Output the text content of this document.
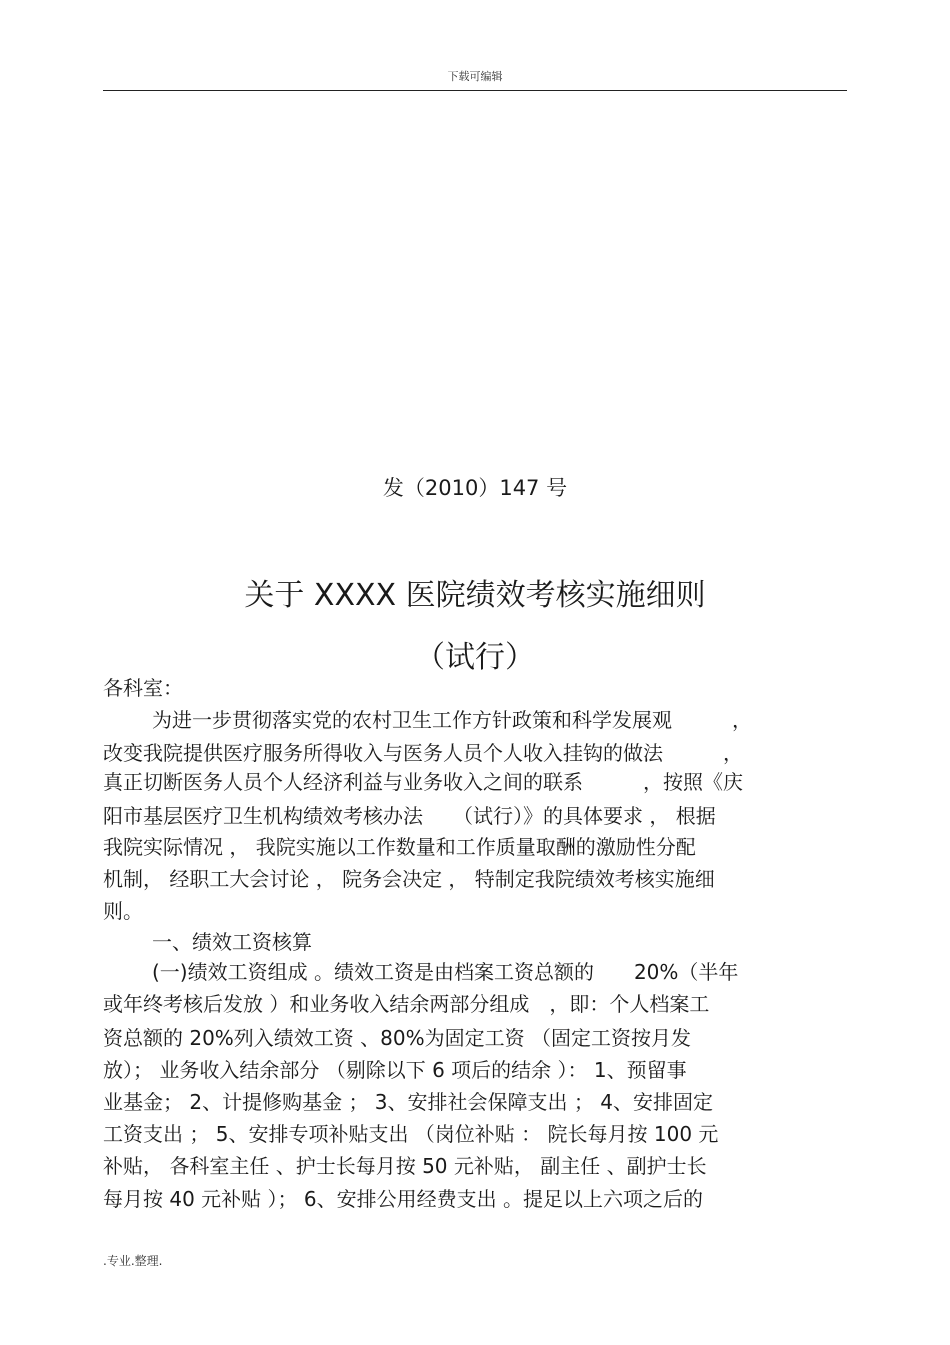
下载可编辑
发（2010）147 号
关于 XXXX 医院绩效考核实施细则
（试行）
各科室：
为进一步贯彻落实党的农村卫生工作方针政策和科学发展观　　　，
改变我院提供医疗服务所得收入与医务人员个人收入挂钩的做法　　　，
真正切断医务人员个人经济利益与业务收入之间的联系　　　，按照《庆
阳市基层医疗卫生机构绩效考核办法　　（试行）》的具体要求 ， 根据
我院实际情况 ， 我院实施以工作数量和工作质量取酬的激励性分配
机制， 经职工大会讨论 ， 院务会决定 ， 特制定我院绩效考核实施细
则。
一、绩效工资核算
(一)绩效工资组成 。绩效工资是由档案工资总额的　　20%（半年
或年终考核后发放 ）和业务收入结余两部分组成　，即：个人档案工
资总额的 20%列入绩效工资 、80%为固定工资 （固定工资按月发
放）； 业务收入结余部分 （剔除以下 6 项后的结余 ）： 1、预留事
业基金； 2、计提修购基金 ； 3、安排社会保障支出 ； 4、安排固定
工资支出 ； 5、安排专项补贴支出 （岗位补贴 ： 院长每月按 100 元
补贴， 各科室主任 、护士长每月按 50 元补贴， 副主任 、副护士长
每月按 40 元补贴 ）； 6、安排公用经费支出 。提足以上六项之后的
.专业.整理.
